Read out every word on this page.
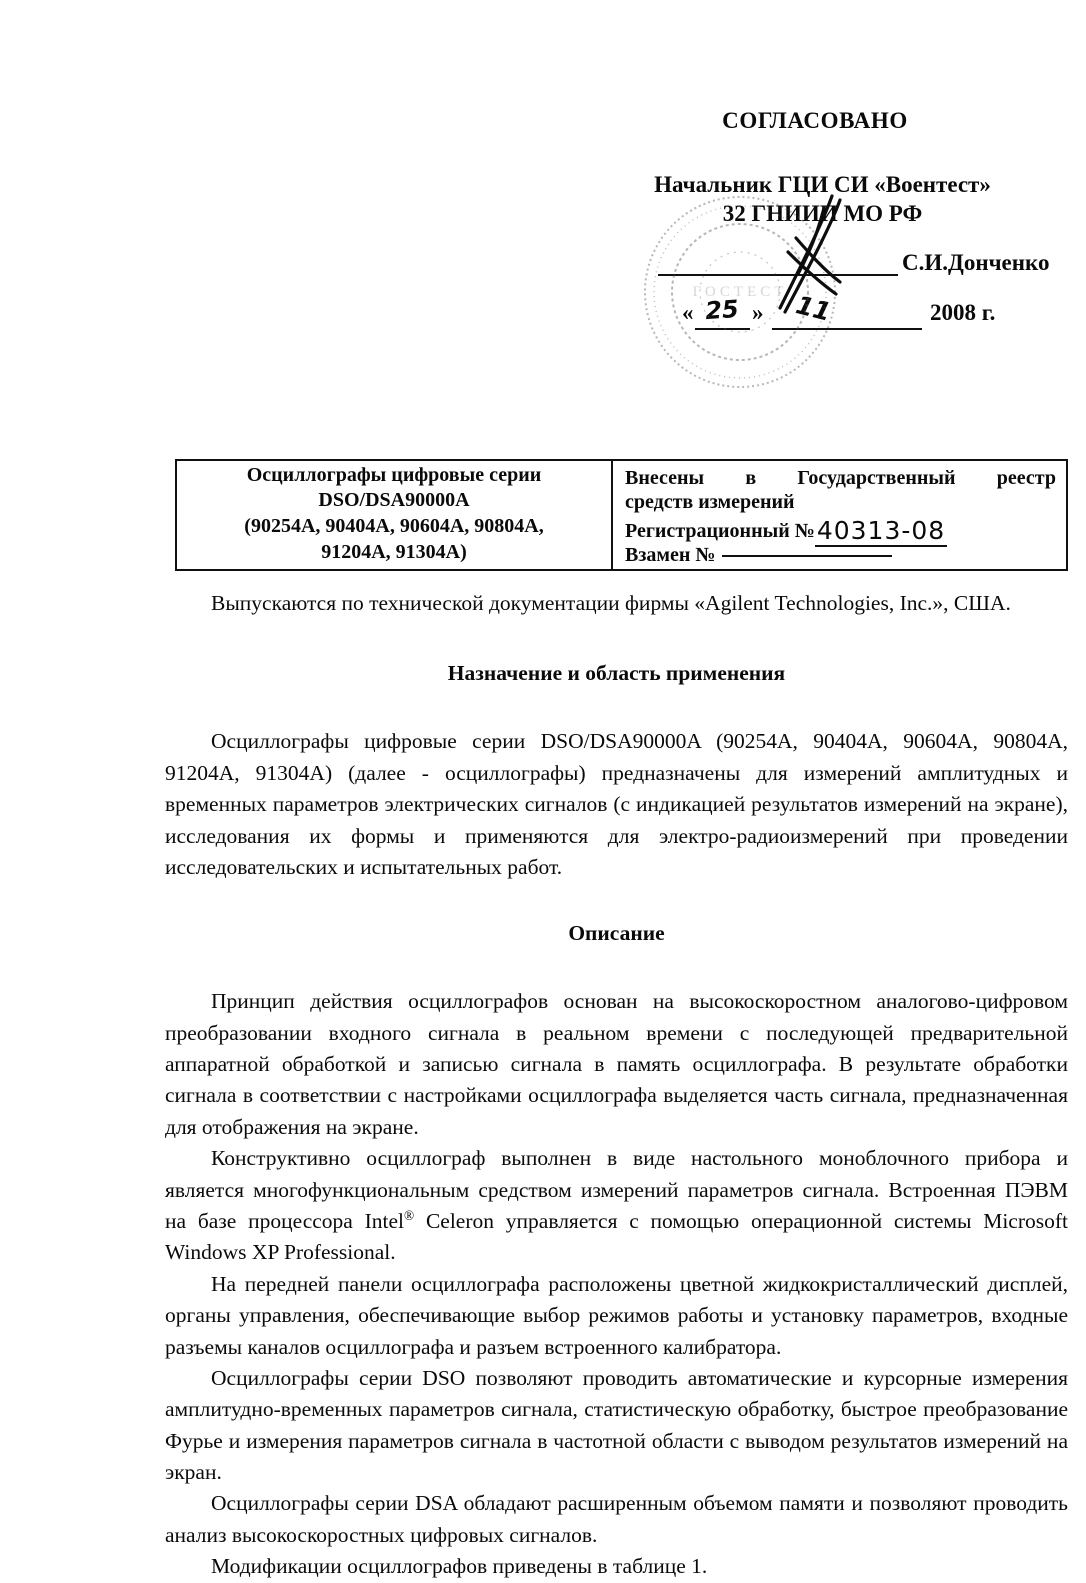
СОГЛАСОВАНО
Начальник ГЦИ СИ «Воентест»
32 ГНИИИ МО РФ
С.И.Донченко
« 25 » 11	2008 г.
ГОСТЕСТ
Осциллографы цифровые серии
DSO/DSA90000A
(90254A, 90404A, 90604A, 90804A,
91204A, 91304A)
Внесены в Государственный реестр
средств измерений
Регистрационный №40313-08
Взамен №

Выпускаются по технической документации фирмы «Agilent Technologies, Inc.», США.

Назначение и область применения

Осциллографы цифровые серии DSO/DSA90000A (90254A, 90404A, 90604A, 90804A, 91204A, 91304A) (далее - осциллографы) предназначены для измерений амплитудных и временных параметров электрических сигналов (с индикацией результатов измерений на экране), исследования их формы и применяются для электро-радиоизмерений при проведении исследовательских и испытательных работ.

Описание

Принцип действия осциллографов основан на высокоскоростном аналогово-цифровом преобразовании входного сигнала в реальном времени с последующей предварительной аппаратной обработкой и записью сигнала в память осциллографа. В результате обработки сигнала в соответствии с настройками осциллографа выделяется часть сигнала, предназначенная для отображения на экране.

Конструктивно осциллограф выполнен в виде настольного моноблочного прибора и является многофункциональным средством измерений параметров сигнала. Встроенная ПЭВМ на базе процессора Intel® Celeron управляется с помощью операционной системы Microsoft Windows XP Professional.

На передней панели осциллографа расположены цветной жидкокристаллический дисплей, органы управления, обеспечивающие выбор режимов работы и установку параметров, входные разъемы каналов осциллографа и разъем встроенного калибратора.

Осциллографы серии DSO позволяют проводить автоматические и курсорные измерения амплитудно-временных параметров сигнала, статистическую обработку, быстрое преобразование Фурье и измерения параметров сигнала в частотной области с выводом результатов измерений на экран.

Осциллографы серии DSA обладают расширенным объемом памяти и позволяют проводить анализ высокоскоростных цифровых сигналов.

Модификации осциллографов приведены в таблице 1.
